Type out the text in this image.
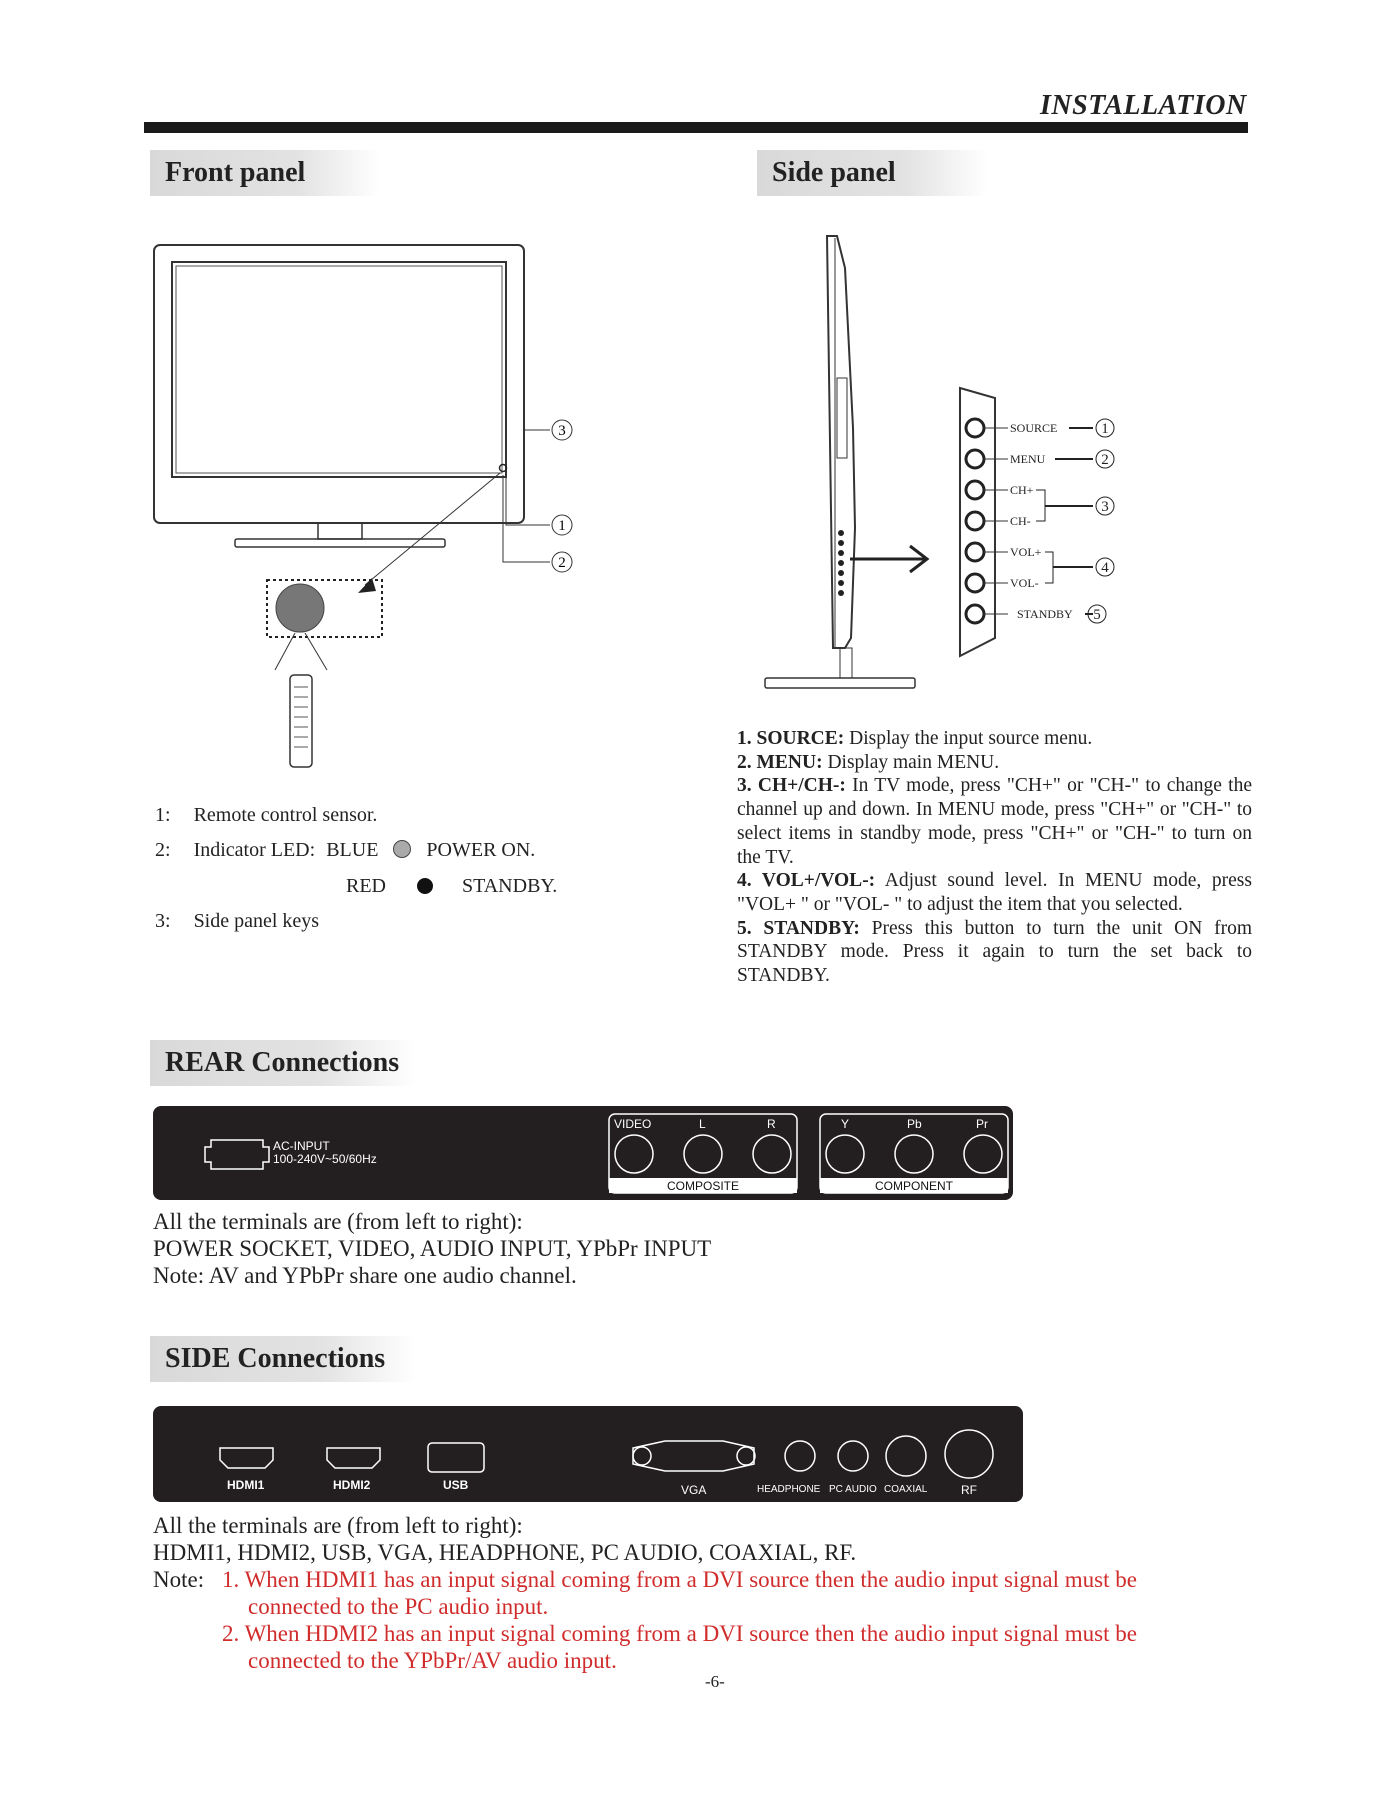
INSTALLATION
Front panel	Side panel
3
1
2
1: Remote control sensor.
2: Indicator LED: BLUE POWER ON.
RED	STANDBY.
3: Side panel keys
SOURCE
MENU
CH+
CH-
VOL+
VOL-
STANDBY
1
2
3
4
5
1. SOURCE: Display the input source menu.
2. MENU: Display main MENU.
3. CH+/CH-: In TV mode, press "CH+" or "CH-" to change the channel up and down. In MENU mode, press "CH+" or "CH-" to select items in standby mode, press "CH+" or "CH-" to turn on the TV.
4. VOL+/VOL-: Adjust sound level. In MENU mode, press "VOL+ " or "VOL- " to adjust the item that you selected.
5. STANDBY: Press this button to turn the unit ON from STANDBY mode. Press it again to turn the set back to STANDBY.
REAR Connections
AC-INPUT
100-240V~50/60Hz
VIDEO	L	R
COMPOSITE
Y	Pb	Pr
COMPONENT
All the terminals are (from left to right):
POWER SOCKET, VIDEO, AUDIO INPUT, YPbPr INPUT
Note: AV and YPbPr share one audio channel.
SIDE Connections
HDMI1	HDMI2	USB	VGA	HEADPHONE PC AUDIO COAXIAL	RF
All the terminals are (from left to right):
HDMI1, HDMI2, USB, VGA, HEADPHONE, PC AUDIO, COAXIAL, RF.
Note: 1. When HDMI1 has an input signal coming from a DVI source then the audio input signal must be
connected to the PC audio input.
2. When HDMI2 has an input signal coming from a DVI source then the audio input signal must be
connected to the YPbPr/AV audio input.
-6-
